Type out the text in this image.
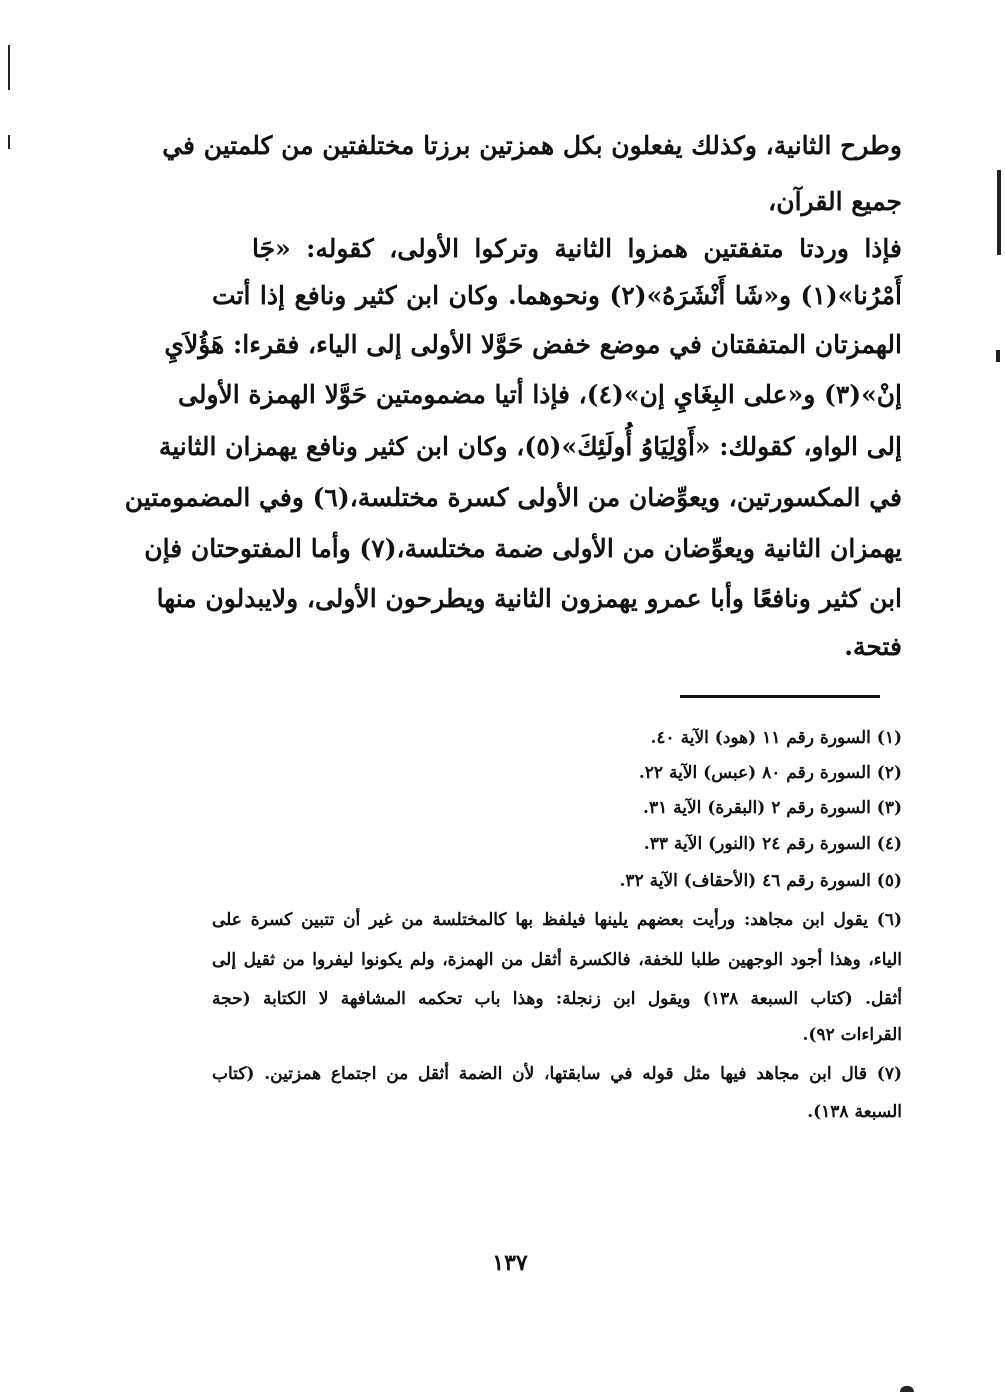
وطرح الثانية، وكذلك يفعلون بكل همزتين برزتا مختلفتين من كلمتين في
جميع القرآن،
فإذا وردتا متفقتين همزوا الثانية وتركوا الأولى، كقوله: «جَا
أَمْرُنا»(١) و«شَا أَنْشَرَهُ»(٢) ونحوهما. وكان ابن كثير ونافع إذا أتت
الهمزتان المتفقتان في موضع خفض حَوَّلا الأولى إلى الياء، فقرءا: هَؤُلاَيِ
إنْ»(٣) و«على البِغَايِ إن»(٤)، فإذا أتيا مضمومتين حَوَّلا الهمزة الأولى
إلى الواو، كقولك: «أَوْلِيَاوُ أُولَئِكَ»(٥)، وكان ابن كثير ونافع يهمزان الثانية
في المكسورتين، ويعوِّضان من الأولى كسرة مختلسة،(٦) وفي المضمومتين
يهمزان الثانية ويعوِّضان من الأولى ضمة مختلسة،(٧) وأما المفتوحتان فإن
ابن كثير ونافعًا وأبا عمرو يهمزون الثانية ويطرحون الأولى، ولايبدلون منها
فتحة.
(١) السورة رقم ١١ (هود) الآية ٤٠.
(٢) السورة رقم ٨٠ (عبس) الآية ٢٢.
(٣) السورة رقم ٢ (البقرة) الآية ٣١.
(٤) السورة رقم ٢٤ (النور) الآية ٣٣.
(٥) السورة رقم ٤٦ (الأحقاف) الآية ٣٢.
(٦) يقول ابن مجاهد: ورأيت بعضهم يلينها فيلفظ بها كالمختلسة من غير أن تتبين كسرة على
الياء، وهذا أجود الوجهين طلبا للخفة، فالكسرة أثقل من الهمزة، ولم يكونوا ليفروا من ثقيل إلى
أثقل. (كتاب السبعة ١٣٨) ويقول ابن زنجلة: وهذا باب تحكمه المشافهة لا الكتابة (حجة
القراءات ٩٢).
(٧) قال ابن مجاهد فيها مثل قوله في سابقتها، لأن الضمة أثقل من اجتماع همزتين. (كتاب
السبعة ١٣٨).
١٣٧
